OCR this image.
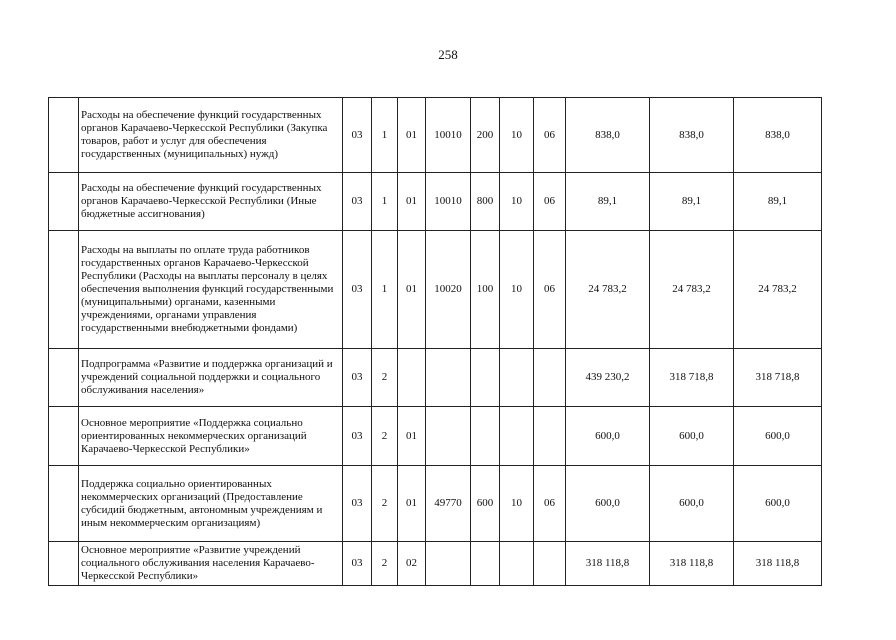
258
	Расходы на обеспечение функций государственных органов Карачаево-Черкесской Республики (Закупка товаров, работ и услуг для обеспечения государственных (муниципальных) нужд)	03	1	01	10010	200	10	06	838,0	838,0	838,0
	Расходы на обеспечение функций государственных органов Карачаево-Черкесской Республики (Иные бюджетные ассигнования)	03	1	01	10010	800	10	06	89,1	89,1	89,1
	Расходы на выплаты по оплате труда работников государственных органов Карачаево-Черкесской Республики (Расходы на выплаты персоналу в целях обеспечения выполнения функций государственными (муниципальными) органами, казенными учреждениями, органами управления государственными внебюджетными фондами)	03	1	01	10020	100	10	06	24 783,2	24 783,2	24 783,2
	Подпрограмма «Развитие и поддержка организаций и учреждений социальной поддержки и социального обслуживания населения»	03	2						439 230,2	318 718,8	318 718,8
	Основное мероприятие «Поддержка социально ориентированных некоммерческих организаций Карачаево-Черкесской Республики»	03	2	01					600,0	600,0	600,0
	Поддержка социально ориентированных некоммерческих организаций (Предоставление субсидий бюджетным, автономным учреждениям и иным некоммерческим организациям)	03	2	01	49770	600	10	06	600,0	600,0	600,0
	Основное мероприятие «Развитие учреждений социального обслуживания населения Карачаево-Черкесской Республики»	03	2	02					318 118,8	318 118,8	318 118,8
